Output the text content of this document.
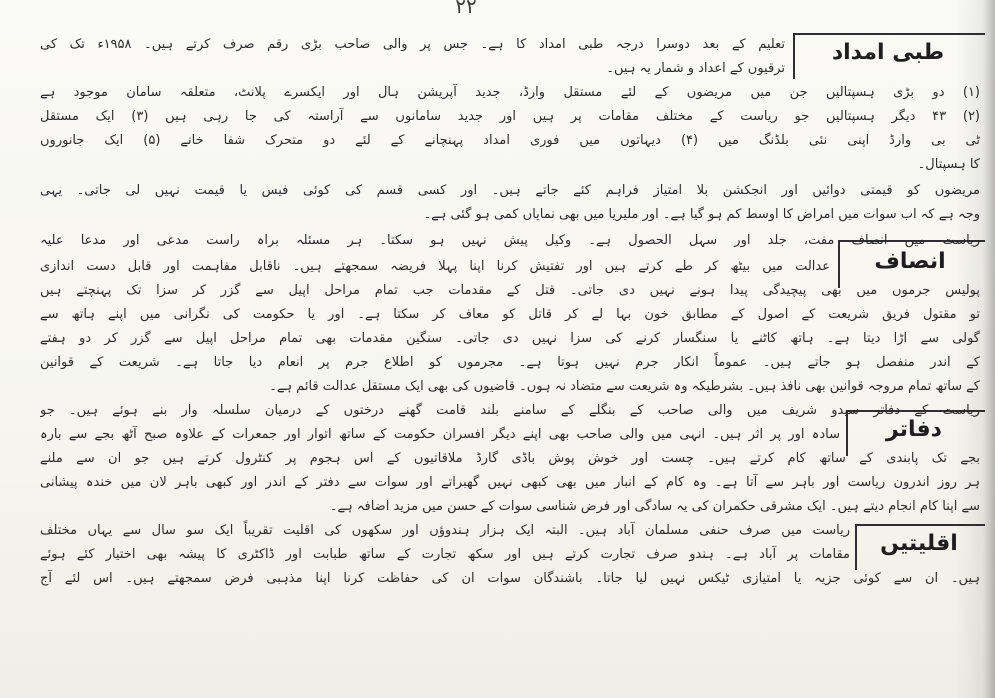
۲۲
طبی امداد
تعلیم کے بعد دوسرا درجہ طبی امداد کا ہے۔ جس پر والی صاحب بڑی رقم صرف کرتے ہیں۔ ۱۹۵۸ء تک کی
ترقیوں کے اعداد و شمار یہ ہیں۔
(۱) دو بڑی ہسپتالیں جن میں مریضوں کے لئے مستقل وارڈ، جدید آپریشن ہال اور ایکسرے پلانٹ، متعلقہ سامان موجود ہے
(۲) ۴۳ دیگر ہسپتالیں جو ریاست کے مختلف مقامات پر ہیں اور جدید سامانوں سے آراستہ کی جا رہی ہیں (۳) ایک مستقل
ٹی بی وارڈ اپنی نئی بلڈنگ میں (۴) دیہاتوں میں فوری امداد پہنچانے کے لئے دو متحرک شفا خانے (۵) ایک جانوروں
کا ہسپتال۔
مریضوں کو قیمتی دوائیں اور انجکشن بلا امتیاز فراہم کئے جاتے ہیں۔ اور کسی قسم کی کوئی فیس یا قیمت نہیں لی جاتی۔ یہی
وجہ ہے کہ اب سوات میں امراض کا اوسط کم ہو گیا ہے۔ اور ملیریا میں بھی نمایاں کمی ہو گئی ہے۔
انصاف
ریاست میں انصاف مفت، جلد اور سہل الحصول ہے۔ وکیل پیش نہیں ہو سکتا۔ ہر مسئلہ براہ راست مدعی اور مدعا علیہ
عدالت میں بیٹھ کر طے کرتے ہیں اور تفتیش کرنا اپنا پہلا فریضہ سمجھتے ہیں۔ ناقابل مفاہمت اور قابل دست اندازی
پولیس جرموں میں بھی پیچیدگی پیدا ہونے نہیں دی جاتی۔ قتل کے مقدمات جب تمام مراحل اپیل سے گزر کر سزا تک پہنچتے ہیں
تو مقتول فریق شریعت کے اصول کے مطابق خون بہا لے کر قاتل کو معاف کر سکتا ہے۔ اور یا حکومت کی نگرانی میں اپنے ہاتھ سے
گولی سے اڑا دیتا ہے۔ ہاتھ کاٹنے یا سنگسار کرنے کی سزا نہیں دی جاتی۔ سنگین مقدمات بھی تمام مراحل اپیل سے گزر کر دو ہفتے
کے اندر منفصل ہو جاتے ہیں۔ عموماً انکار جرم نہیں ہوتا ہے۔ مجرموں کو اطلاع جرم پر انعام دیا جاتا ہے۔ شریعت کے قوانین
کے ساتھ تمام مروجہ قوانین بھی نافذ ہیں۔ بشرطیکہ وہ شریعت سے متضاد نہ ہوں۔ قاضیوں کی بھی ایک مستقل عدالت قائم ہے۔
دفاتر
ریاست کے دفاتر سیدو شریف میں والی صاحب کے بنگلے کے سامنے بلند قامت گھنے درختوں کے درمیان سلسلہ وار بنے ہوئے ہیں۔ جو
سادہ اور پر اثر ہیں۔ انہی میں والی صاحب بھی اپنے دیگر افسران حکومت کے ساتھ اتوار اور جمعرات کے علاوہ صبح آٹھ بجے سے بارہ
بجے تک پابندی کے ساتھ کام کرتے ہیں۔ چست اور خوش پوش باڈی گارڈ ملاقاتیوں کے اس ہجوم پر کنٹرول کرتے ہیں جو ان سے ملنے
ہر روز اندرون ریاست اور باہر سے آتا ہے۔ وہ کام کے انبار میں بھی کبھی نہیں گھبراتے اور سوات سے دفتر کے اندر اور کبھی باہر لان میں خندہ پیشانی
سے اپنا کام انجام دیتے ہیں۔ ایک مشرقی حکمران کی یہ سادگی اور فرض شناسی سوات کے حسن میں مزید اضافہ ہے۔
اقلیتیں
ریاست میں صرف حنفی مسلمان آباد ہیں۔ البتہ ایک ہزار ہندوؤں اور سکھوں کی اقلیت تقریباً ایک سو سال سے یہاں مختلف
مقامات پر آباد ہے۔ ہندو صرف تجارت کرتے ہیں اور سکھ تجارت کے ساتھ طبابت اور ڈاکٹری کا پیشہ بھی اختیار کئے ہوئے
ہیں۔ ان سے کوئی جزیہ یا امتیازی ٹیکس نہیں لیا جاتا۔ باشندگان سوات ان کی حفاظت کرنا اپنا مذہبی فرض سمجھتے ہیں۔ اس لئے آج
